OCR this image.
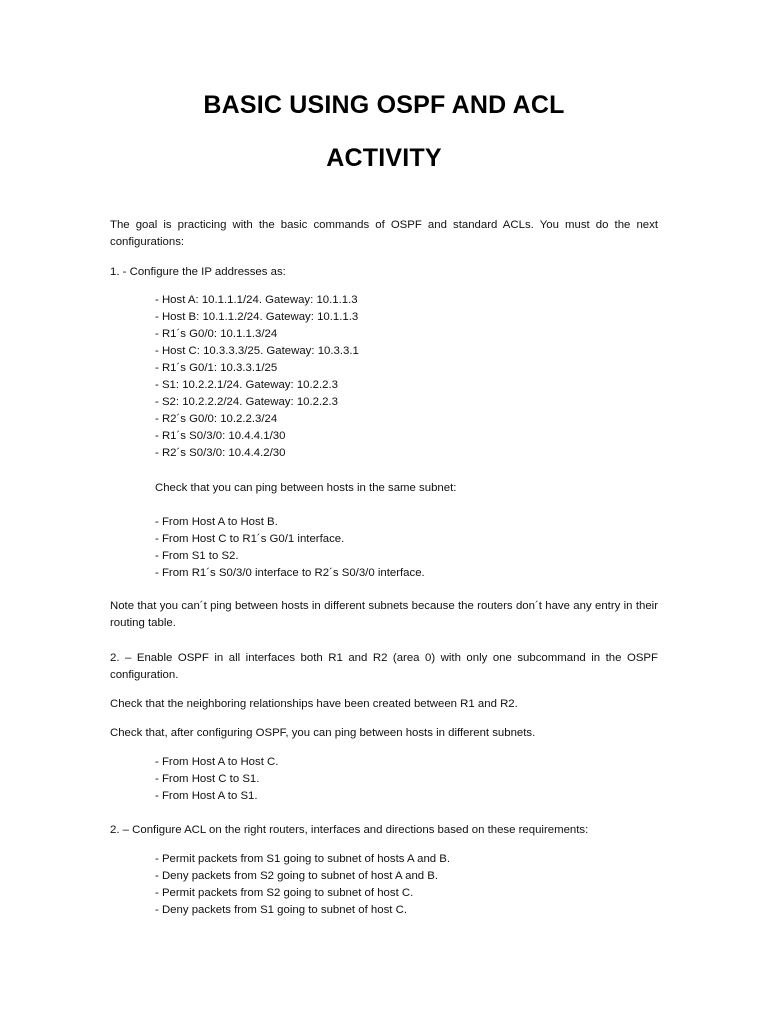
BASIC USING OSPF AND ACL
ACTIVITY
The goal is practicing with the basic commands of OSPF and standard ACLs. You must do the next configurations:
1. - Configure the IP addresses as:
- Host A: 10.1.1.1/24. Gateway: 10.1.1.3
- Host B: 10.1.1.2/24. Gateway: 10.1.1.3
- R1´s G0/0: 10.1.1.3/24
- Host C: 10.3.3.3/25. Gateway: 10.3.3.1
- R1´s G0/1: 10.3.3.1/25
- S1: 10.2.2.1/24. Gateway: 10.2.2.3
- S2: 10.2.2.2/24. Gateway: 10.2.2.3
- R2´s G0/0: 10.2.2.3/24
- R1´s S0/3/0: 10.4.4.1/30
- R2´s S0/3/0: 10.4.4.2/30
Check that you can ping between hosts in the same subnet:
- From Host A to Host B.
- From Host C to R1´s G0/1 interface.
- From S1 to S2.
- From R1´s S0/3/0 interface to R2´s S0/3/0 interface.
Note that you can´t ping between hosts in different subnets because the routers don´t have any entry in their routing table.
2. – Enable OSPF in all interfaces both R1 and R2 (area 0) with only one subcommand in the OSPF configuration.
Check that the neighboring relationships have been created between R1 and R2.
Check that, after configuring OSPF, you can ping between hosts in different subnets.
- From Host A to Host C.
- From Host C to S1.
- From Host A to S1.
2. – Configure ACL on the right routers, interfaces and directions based on these requirements:
- Permit packets from S1 going to subnet of hosts A and B.
- Deny packets from S2 going to subnet of host A and B.
- Permit packets from S2 going to subnet of host C.
- Deny packets from S1 going to subnet of host C.
